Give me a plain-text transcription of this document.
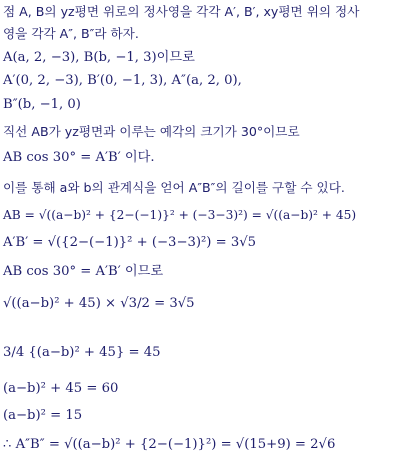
점 A, B의 yz평면 위로의 정사영을 각각 A′, B′, xy평면 위의 정사
영을 각각 A″, B″라 하자.
A(a, 2, −3), B(b, −1, 3)이므로
A′(0, 2, −3), B′(0, −1, 3), A″(a, 2, 0),
B″(b, −1, 0)
직선 AB가 yz평면과 이루는 예각의 크기가 30°이므로
AB cos 30° = A′B′ 이다.
이를 통해 a와 b의 관계식을 얻어 A″B″의 길이를 구할 수 있다.
AB = √((a−b)² + {2−(−1)}² + (−3−3)²) = √((a−b)² + 45)
A′B′ = √({2−(−1)}² + (−3−3)²) = 3√5
AB cos 30° = A′B′ 이므로
√((a−b)² + 45) × √3/2 = 3√5
3/4 {(a−b)² + 45} = 45
(a−b)² + 45 = 60
(a−b)² = 15
∴ A″B″ = √((a−b)² + {2−(−1)}²) = √(15+9) = 2√6
